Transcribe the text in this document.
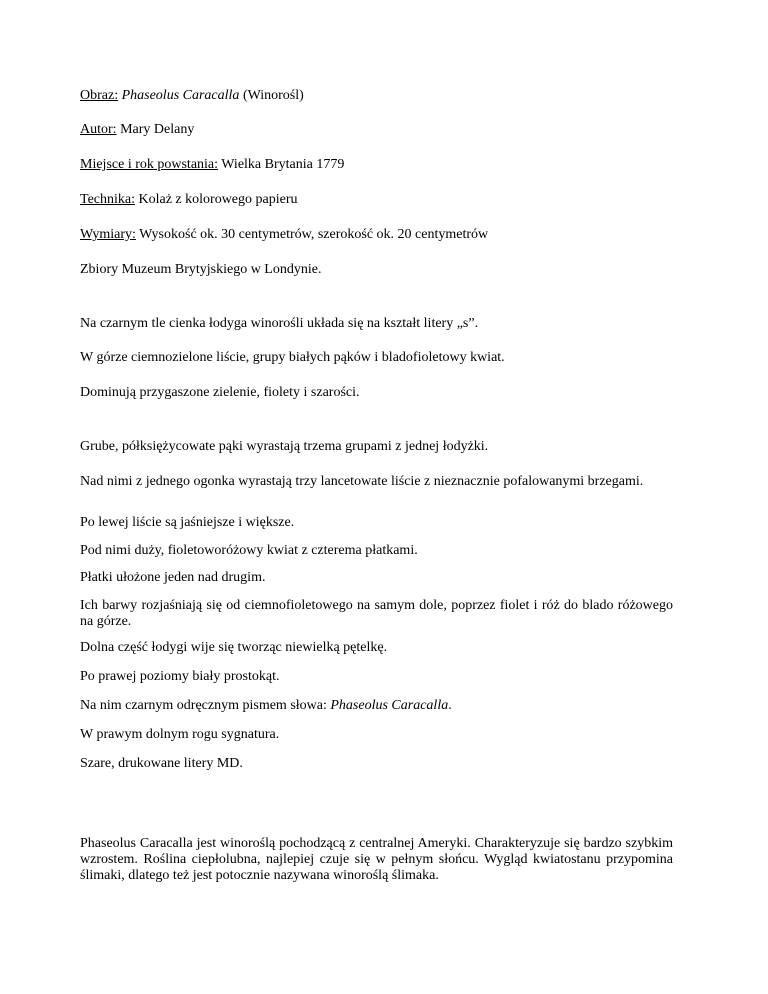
Obraz: Phaseolus Caracalla (Winorośl)

Autor: Mary Delany

Miejsce i rok powstania: Wielka Brytania 1779

Technika: Kolaż z kolorowego papieru

Wymiary: Wysokość ok. 30 centymetrów, szerokość ok. 20 centymetrów

Zbiory Muzeum Brytyjskiego w Londynie.

Na czarnym tle cienka łodyga winorośli układa się na kształt litery „s”.

W górze ciemnozielone liście, grupy białych pąków i bladofioletowy kwiat.

Dominują przygaszone zielenie, fiolety i szarości.

Grube, półksiężycowate pąki wyrastają trzema grupami z jednej łodyżki.

Nad nimi z jednego ogonka wyrastają trzy lancetowate liście z nieznacznie pofalowanymi brzegami.

Po lewej liście są jaśniejsze i większe.

Pod nimi duży, fioletoworóżowy kwiat z czterema płatkami.

Płatki ułożone jeden nad drugim.

Ich barwy rozjaśniają się od ciemnofioletowego na samym dole, poprzez fiolet i róż do blado różowego na górze.

Dolna część łodygi wije się tworząc niewielką pętelkę.

Po prawej poziomy biały prostokąt.

Na nim czarnym odręcznym pismem słowa: Phaseolus Caracalla.

W prawym dolnym rogu sygnatura.

Szare, drukowane litery MD.

Phaseolus Caracalla jest winoroślą pochodzącą z centralnej Ameryki. Charakteryzuje się bardzo szybkim wzrostem. Roślina ciepłolubna, najlepiej czuje się w pełnym słońcu. Wygląd kwiatostanu przypomina ślimaki, dlatego też jest potocznie nazywana winoroślą ślimaka.
